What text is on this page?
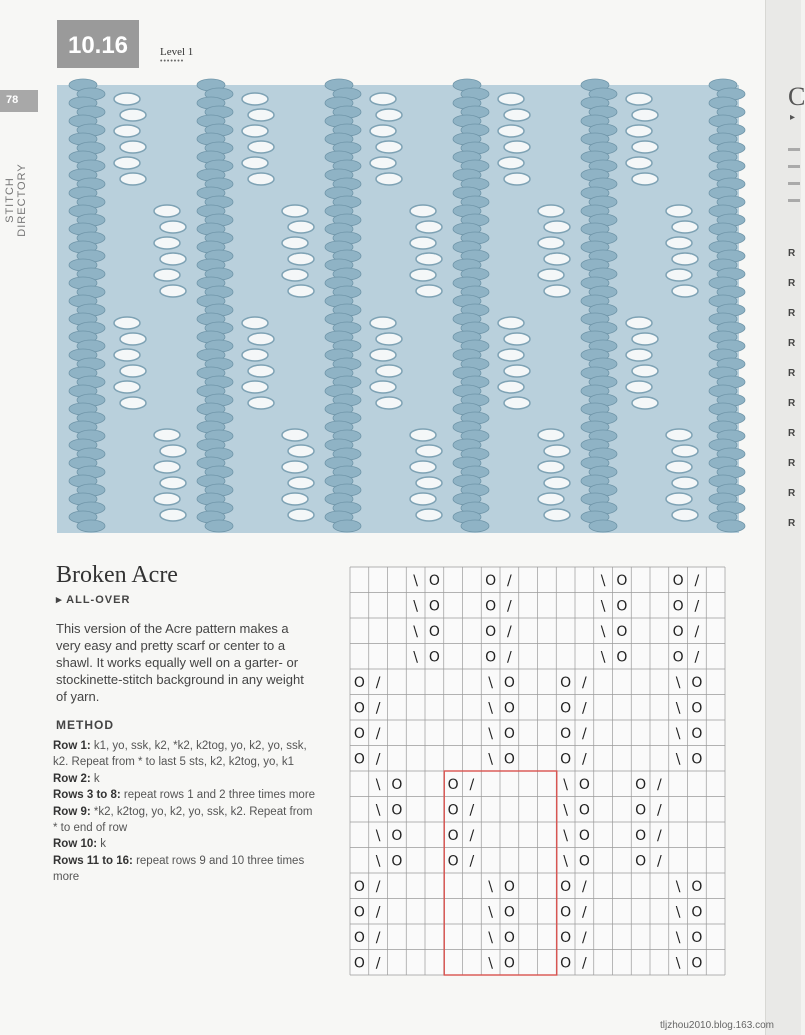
10.16	Level 1
•••••••
78
STITCH DIRECTORY
Broken Acre
▸ ALL-OVER

This version of the Acre pattern makes a very easy and pretty scarf or center to a shawl. It works equally well on a garter- or stockinette-stitch background in any weight of yarn.

METHOD
Row 1: k1, yo, ssk, k2, *k2, k2tog, yo, k2, yo, ssk, k2. Repeat from * to last 5 sts, k2, k2tog, yo, k1
Row 2: k
Rows 3 to 8: repeat rows 1 and 2 three times more
Row 9: *k2, k2tog, yo, k2, yo, ssk, k2. Repeat from * to end of row
Row 10: k
Rows 11 to 16: repeat rows 9 and 10 three times more
\ O	O /	\ O	O /
\ O	O /	\ O	O /
\ O	O /	\ O	O /
\ O	O /	\ O	O /
O /	\ O	O /	\ O
O /	\ O	O /	\ O
O /	\ O	O /	\ O
O /	\ O	O /	\ O
\ O	O /	\ O	O /
\ O	O /	\ O	O /
\ O	O /	\ O	O /
\ O	O /	\ O	O /
O /	\ O	O /	\ O
O /	\ O	O /	\ O
O /	\ O	O /	\ O
O /	\ O	O /	\ O
C
▸
R
R
R
R
R
R
R
R
R
R
tljzhou2010.blog.163.com
